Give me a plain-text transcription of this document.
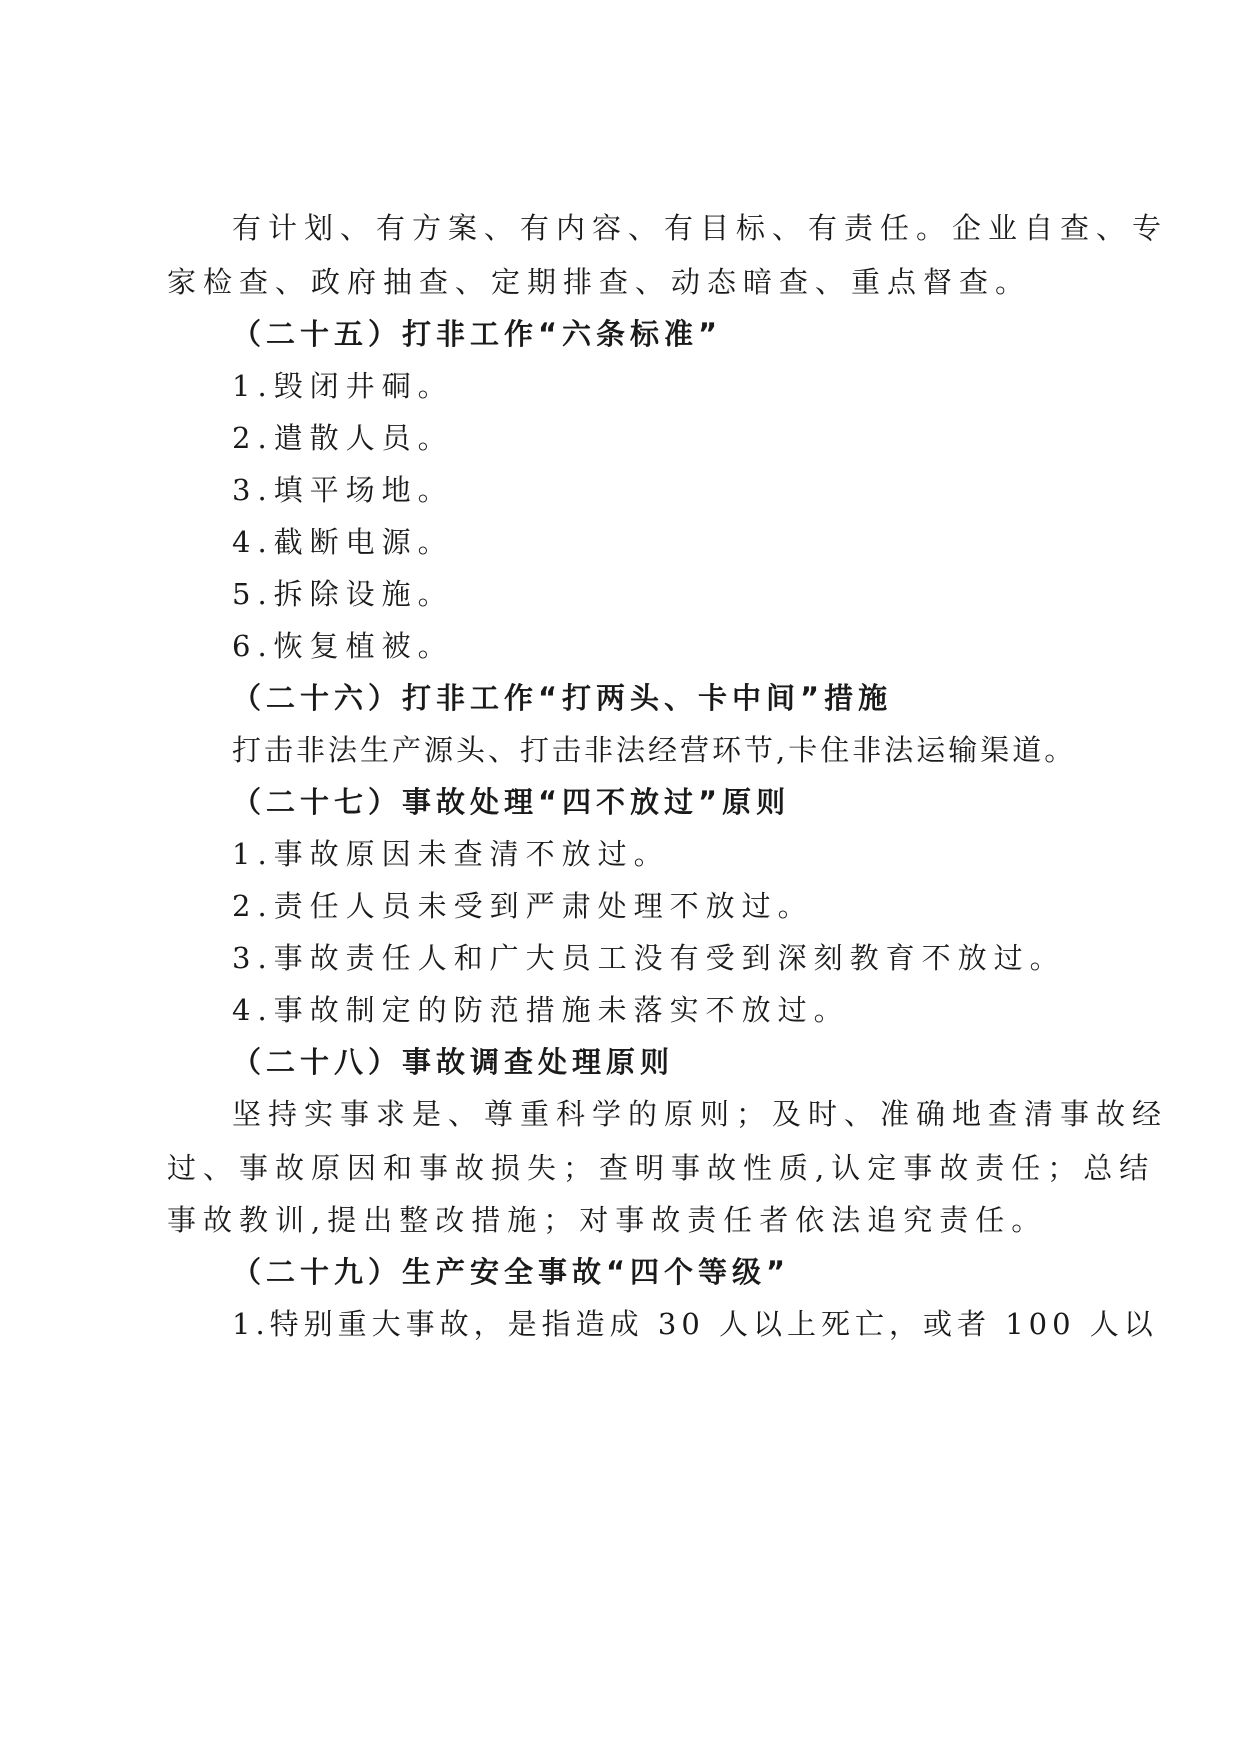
有计划、有方案、有内容、有目标、有责任。企业自查、专
家检查、政府抽查、定期排查、动态暗查、重点督查。
（二十五）打非工作“六条标准”
1.毁闭井硐。
2.遣散人员。
3.填平场地。
4.截断电源。
5.拆除设施。
6.恢复植被。
（二十六）打非工作“打两头、卡中间”措施
打击非法生产源头、打击非法经营环节,卡住非法运输渠道。
（二十七）事故处理“四不放过”原则
1.事故原因未查清不放过。
2.责任人员未受到严肃处理不放过。
3.事故责任人和广大员工没有受到深刻教育不放过。
4.事故制定的防范措施未落实不放过。
（二十八）事故调查处理原则
坚持实事求是、尊重科学的原则；及时、准确地查清事故经
过、事故原因和事故损失；查明事故性质,认定事故责任；总结
事故教训,提出整改措施；对事故责任者依法追究责任。
（二十九）生产安全事故“四个等级”
1.特别重大事故，是指造成 30 人以上死亡，或者 100 人以
